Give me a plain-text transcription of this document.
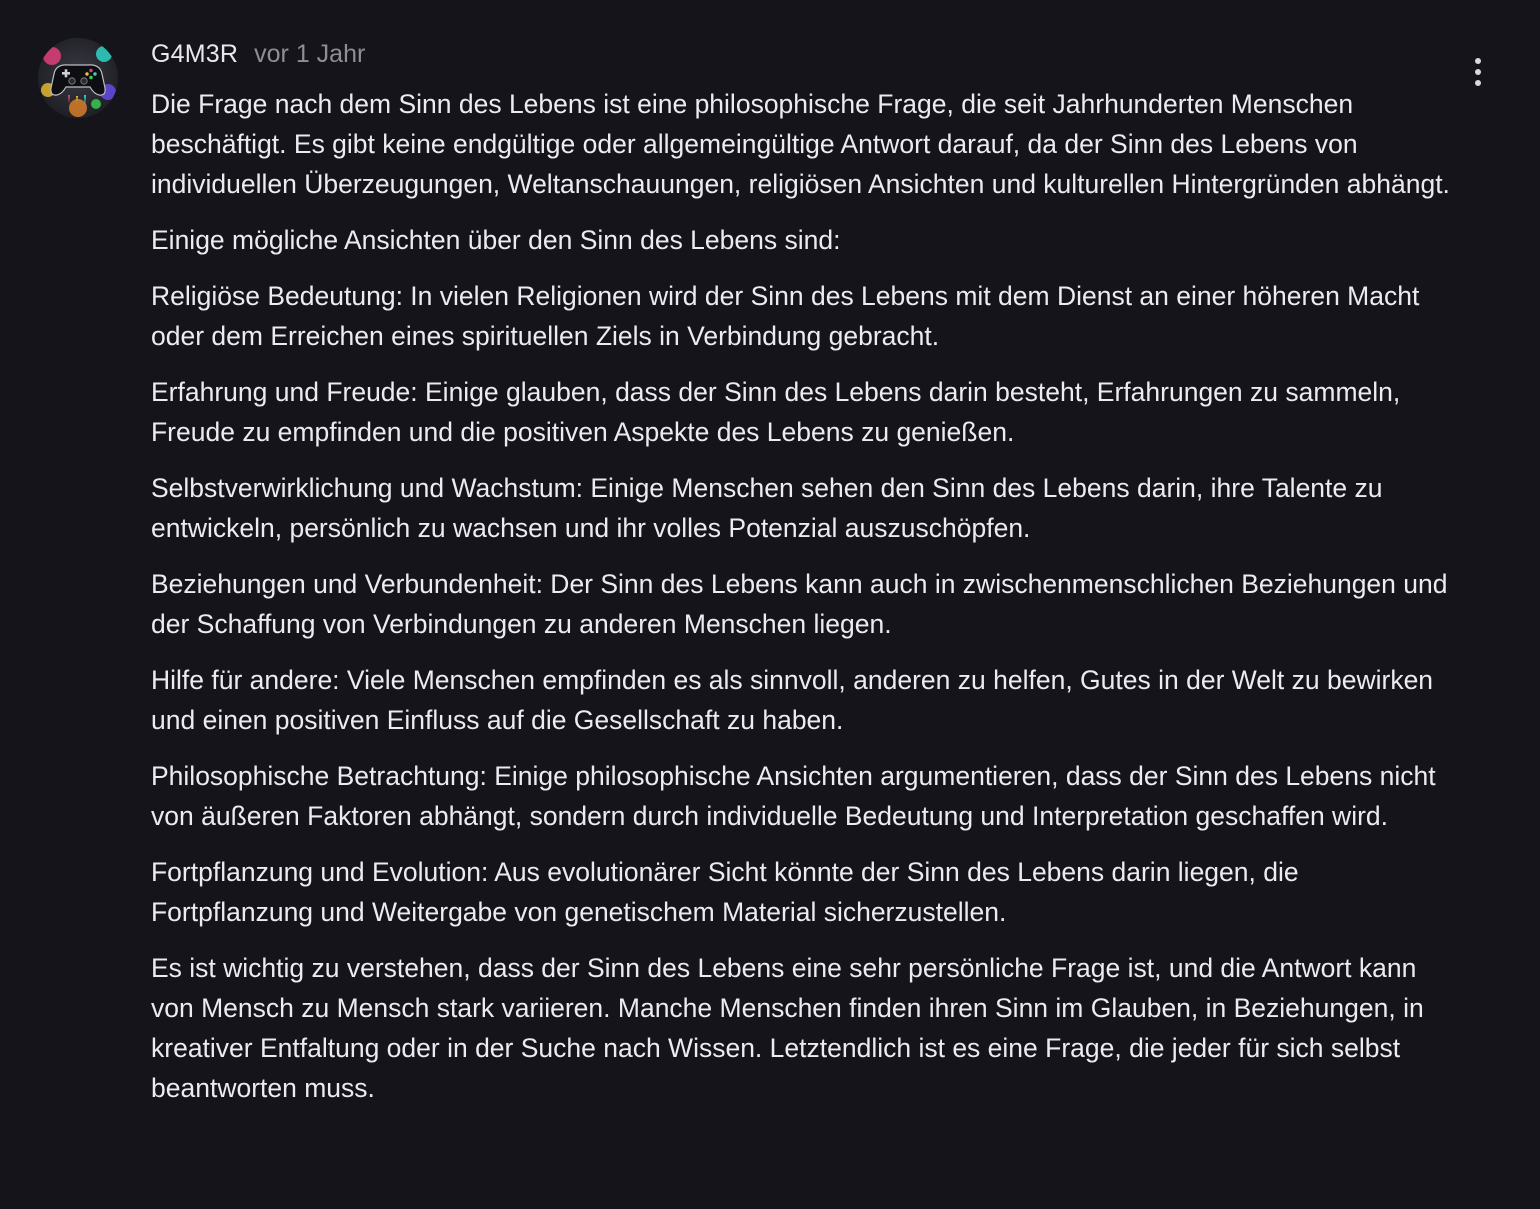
G4M3R vor 1 Jahr

Die Frage nach dem Sinn des Lebens ist eine philosophische Frage, die seit Jahrhunderten Menschen beschäftigt. Es gibt keine endgültige oder allgemeingültige Antwort darauf, da der Sinn des Lebens von individuellen Überzeugungen, Weltanschauungen, religiösen Ansichten und kulturellen Hintergründen abhängt.

Einige mögliche Ansichten über den Sinn des Lebens sind:

Religiöse Bedeutung: In vielen Religionen wird der Sinn des Lebens mit dem Dienst an einer höheren Macht oder dem Erreichen eines spirituellen Ziels in Verbindung gebracht.

Erfahrung und Freude: Einige glauben, dass der Sinn des Lebens darin besteht, Erfahrungen zu sammeln, Freude zu empfinden und die positiven Aspekte des Lebens zu genießen.

Selbstverwirklichung und Wachstum: Einige Menschen sehen den Sinn des Lebens darin, ihre Talente zu entwickeln, persönlich zu wachsen und ihr volles Potenzial auszuschöpfen.

Beziehungen und Verbundenheit: Der Sinn des Lebens kann auch in zwischenmenschlichen Beziehungen und der Schaffung von Verbindungen zu anderen Menschen liegen.

Hilfe für andere: Viele Menschen empfinden es als sinnvoll, anderen zu helfen, Gutes in der Welt zu bewirken und einen positiven Einfluss auf die Gesellschaft zu haben.

Philosophische Betrachtung: Einige philosophische Ansichten argumentieren, dass der Sinn des Lebens nicht von äußeren Faktoren abhängt, sondern durch individuelle Bedeutung und Interpretation geschaffen wird.

Fortpflanzung und Evolution: Aus evolutionärer Sicht könnte der Sinn des Lebens darin liegen, die Fortpflanzung und Weitergabe von genetischem Material sicherzustellen.

Es ist wichtig zu verstehen, dass der Sinn des Lebens eine sehr persönliche Frage ist, und die Antwort kann von Mensch zu Mensch stark variieren. Manche Menschen finden ihren Sinn im Glauben, in Beziehungen, in kreativer Entfaltung oder in der Suche nach Wissen. Letztendlich ist es eine Frage, die jeder für sich selbst beantworten muss.
